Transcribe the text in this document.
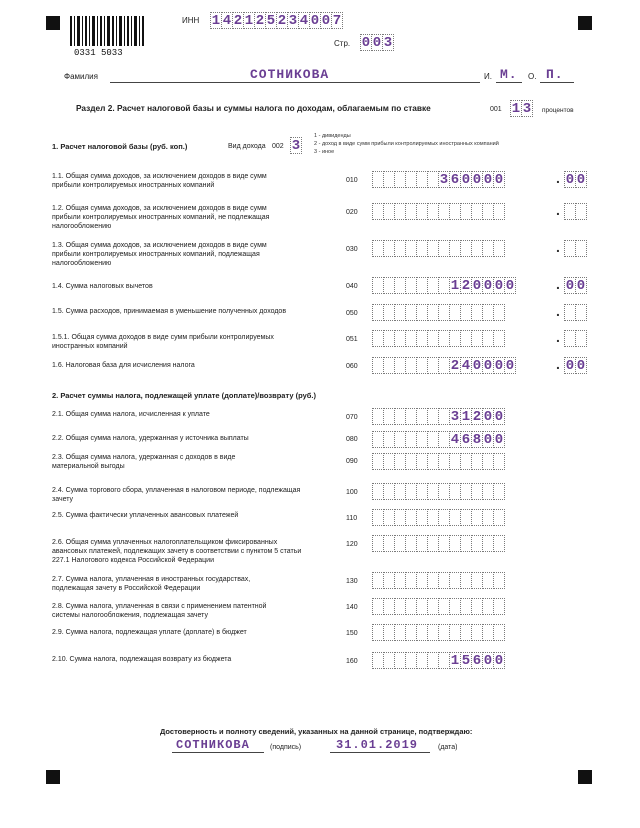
0331 5033
ИНН 1 4 2 1 2 5 2 3 4 0 0 7
Стр. 0 0 3
Фамилия	СОТНИКОВА	И. М. О. П.
Раздел 2. Расчет налоговой базы и суммы налога по доходам, облагаемым по ставке	001 1 3 процентов
1. Расчет налоговой базы (руб. коп.)	Вид дохода 002 3
1 - дивиденды
2 - доход в виде сумм прибыли контролируемых иностранных компаний
3 - иное
1.1. Общая сумма доходов, за исключением доходов в виде сумм прибыли контролируемых иностранных компаний
010	3 6 0 0 0 0	. 0 0
1.2. Общая сумма доходов, за исключением доходов в виде сумм прибыли контролируемых иностранных компаний, не подлежащая налогообложению
020	.
1.3. Общая сумма доходов, за исключением доходов в виде сумм прибыли контролируемых иностранных компаний, подлежащая налогообложению
030	.
1.4. Сумма налоговых вычетов	040	1 2 0 0 0 0	. 0 0
1.5. Сумма расходов, принимаемая в уменьшение полученных доходов	050	.
1.5.1. Общая сумма доходов в виде сумм прибыли контролируемых иностранных компаний
051	.
1.6. Налоговая база для исчисления налога	060	2 4 0 0 0 0	. 0 0
2. Расчет суммы налога, подлежащей уплате (доплате)/возврату (руб.)
2.1. Общая сумма налога, исчисленная к уплате	070	3 1 2 0 0
2.2. Общая сумма налога, удержанная у источника выплаты	080	4 6 8 0 0
2.3. Общая сумма налога, удержанная с доходов в виде материальной выгоды
090
2.4. Сумма торгового сбора, уплаченная в налоговом периоде, подлежащая зачету
100
2.5. Сумма фактически уплаченных авансовых платежей	110
2.6. Общая сумма уплаченных налогоплательщиком фиксированных авансовых платежей, подлежащих зачету в соответствии с пунктом 5 статьи 227.1 Налогового кодекса Российской Федерации
120
2.7. Сумма налога, уплаченная в иностранных государствах, подлежащая зачету в Российской Федерации
130
2.8. Сумма налога, уплаченная в связи с применением патентной системы налогообложения, подлежащая зачету
140
2.9. Сумма налога, подлежащая уплате (доплате) в бюджет	150
2.10. Сумма налога, подлежащая возврату из бюджета	160	1 5 6 0 0
Достоверность и полноту сведений, указанных на данной странице, подтверждаю:
СОТНИКОВА	(подпись)	31.01.2019	(дата)
